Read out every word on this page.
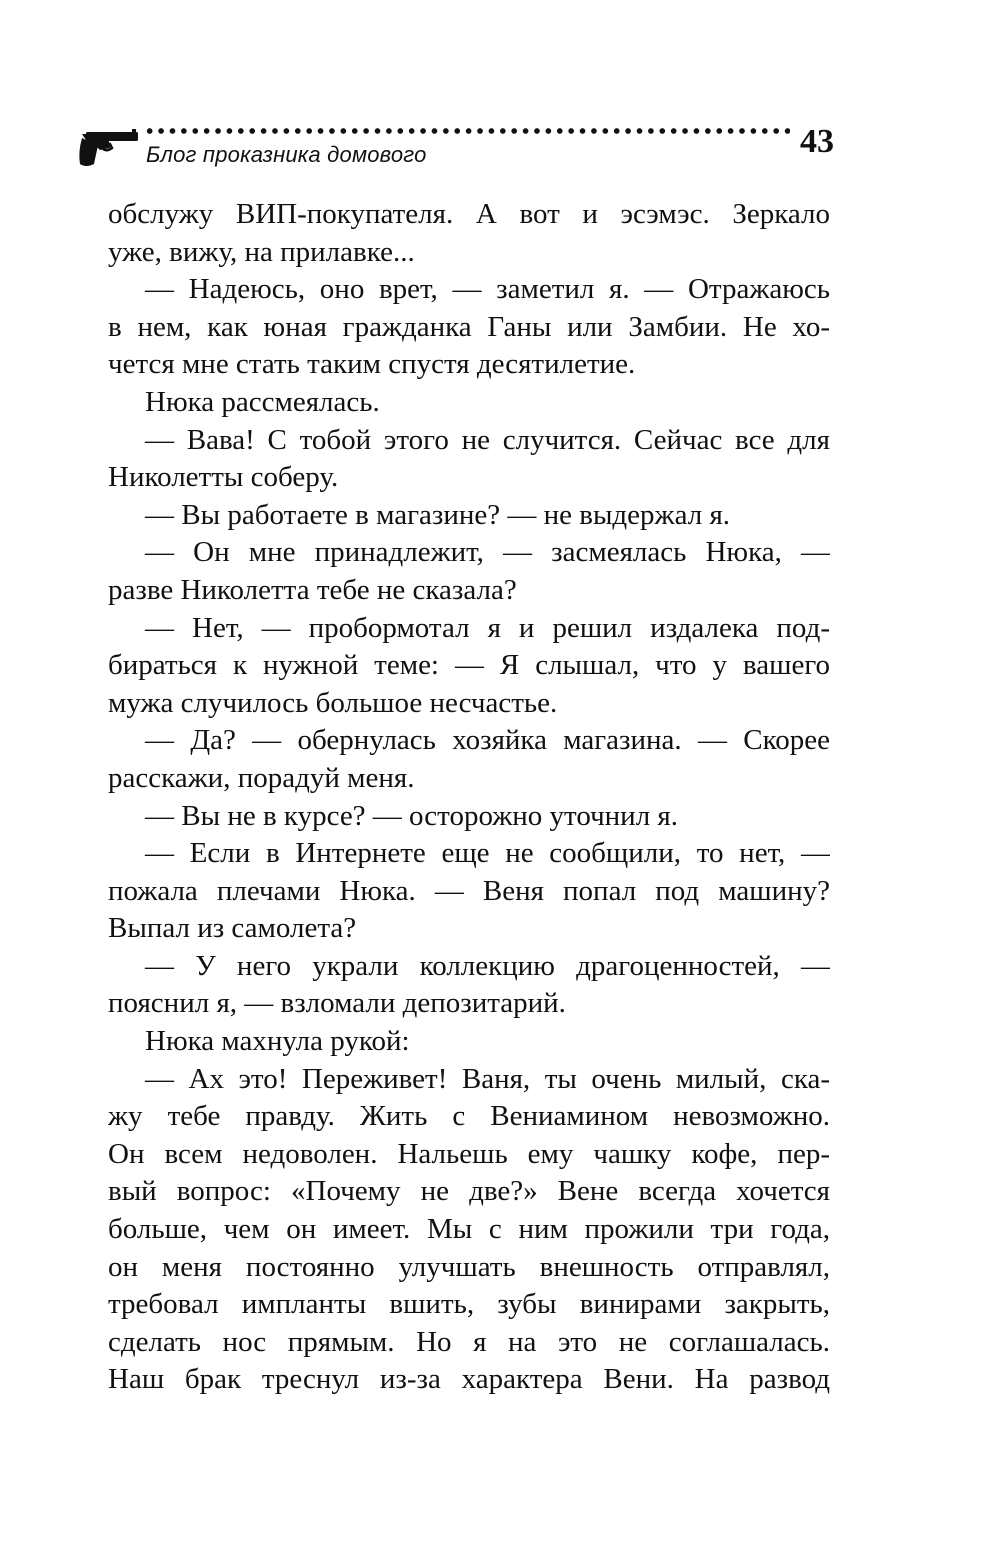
Блог проказника домового	43
обслужу ВИП-покупателя. А вот и эсэмэс. Зеркало
уже, вижу, на прилавке...
— Надеюсь, оно врет, — заметил я. — Отражаюсь
в нем, как юная гражданка Ганы или Замбии. Не хо-
чется мне стать таким спустя десятилетие.
Нюка рассмеялась.
— Вава! С тобой этого не случится. Сейчас все для
Николетты соберу.
— Вы работаете в магазине? — не выдержал я.
— Он мне принадлежит, — засмеялась Нюка, —
разве Николетта тебе не сказала?
— Нет, — пробормотал я и решил издалека под-
бираться к нужной теме: — Я слышал, что у вашего
мужа случилось большое несчастье.
— Да? — обернулась хозяйка магазина. — Скорее
расскажи, порадуй меня.
— Вы не в курсе? — осторожно уточнил я.
— Если в Интернете еще не сообщили, то нет, —
пожала плечами Нюка. — Веня попал под машину?
Выпал из самолета?
— У него украли коллекцию драгоценностей, —
пояснил я, — взломали депозитарий.
Нюка махнула рукой:
— Ах это! Переживет! Ваня, ты очень милый, ска-
жу тебе правду. Жить с Вениамином невозможно.
Он всем недоволен. Нальешь ему чашку кофе, пер-
вый вопрос: «Почему не две?» Вене всегда хочется
больше, чем он имеет. Мы с ним прожили три года,
он меня постоянно улучшать внешность отправлял,
требовал импланты вшить, зубы винирами закрыть,
сделать нос прямым. Но я на это не соглашалась.
Наш брак треснул из-за характера Вени. На развод
